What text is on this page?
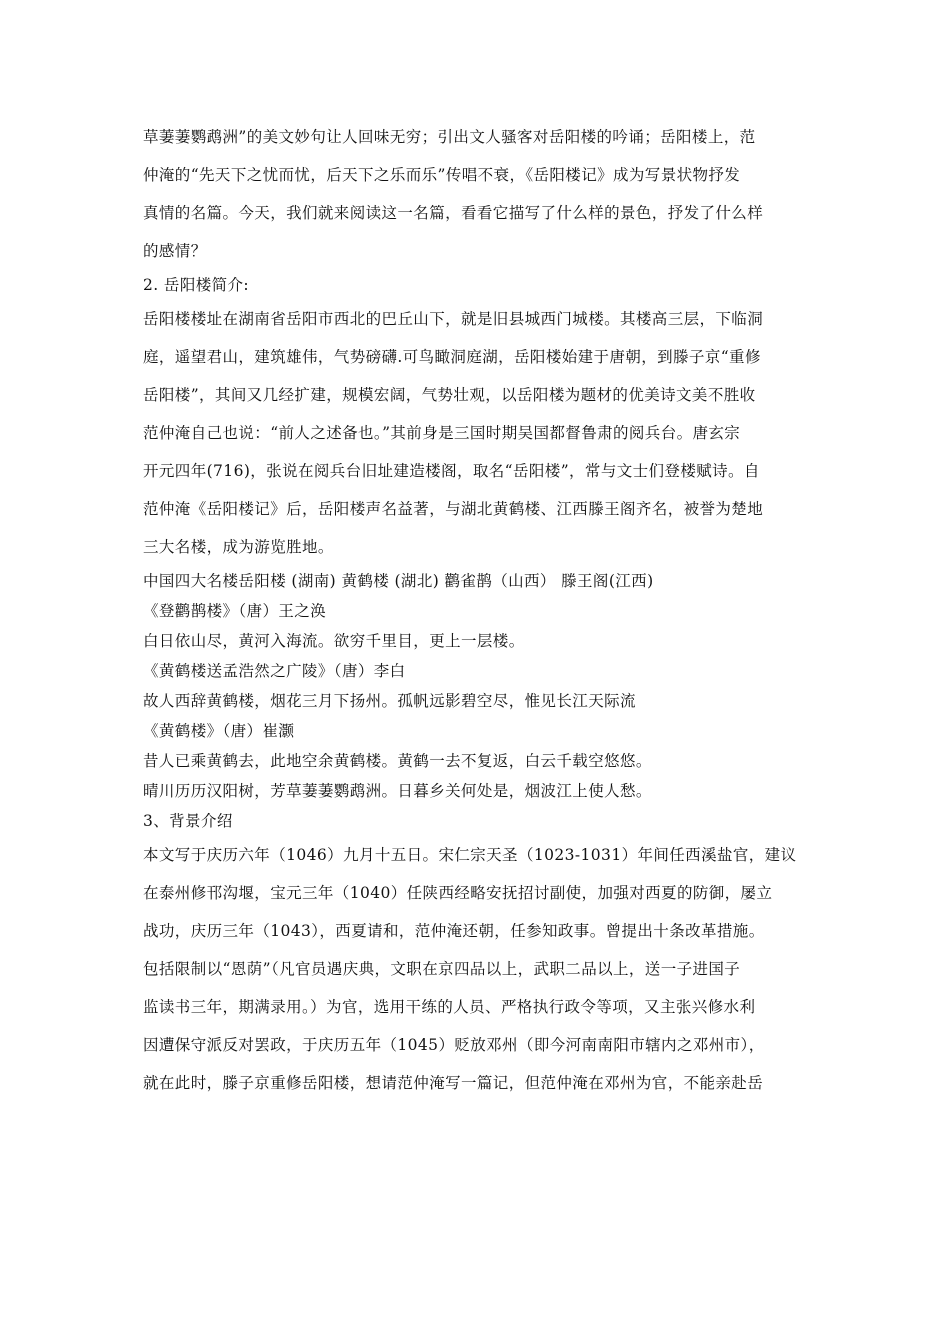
草萋萋鹦鹉洲”的美文妙句让人回味无穷；引出文人骚客对岳阳楼的吟诵；岳阳楼上，范

仲淹的“先天下之忧而忧，后天下之乐而乐”传唱不衰，《岳阳楼记》成为写景状物抒发

真情的名篇。今天，我们就来阅读这一名篇，看看它描写了什么样的景色，抒发了什么样

的感情？

2. 岳阳楼简介:

岳阳楼楼址在湖南省岳阳市西北的巴丘山下，就是旧县城西门城楼。其楼高三层，下临洞

庭，遥望君山，建筑雄伟，气势磅礴.可鸟瞰洞庭湖，岳阳楼始建于唐朝，到滕子京“重修

岳阳楼”，其间又几经扩建，规模宏阔，气势壮观，以岳阳楼为题材的优美诗文美不胜收

范仲淹自己也说：“前人之述备也。”其前身是三国时期吴国都督鲁肃的阅兵台。唐玄宗

开元四年(716)，张说在阅兵台旧址建造楼阁，取名“岳阳楼”，常与文士们登楼赋诗。自

范仲淹《岳阳楼记》后，岳阳楼声名益著，与湖北黄鹤楼、江西滕王阁齐名，被誉为楚地

三大名楼，成为游览胜地。

中国四大名楼岳阳楼 (湖南) 黄鹤楼 (湖北) 鹳雀鹊（山西） 滕王阁(江西)

《登鹳鹊楼》（唐）王之涣

白日依山尽，黄河入海流。欲穷千里目，更上一层楼。

《黄鹤楼送孟浩然之广陵》（唐）李白

故人西辞黄鹤楼，烟花三月下扬州。孤帆远影碧空尽，惟见长江天际流

《黄鹤楼》（唐）崔灏

昔人已乘黄鹤去，此地空余黄鹤楼。黄鹤一去不复返，白云千载空悠悠。

晴川历历汉阳树，芳草萋萋鹦鹉洲。日暮乡关何处是，烟波江上使人愁。

3、背景介绍

本文写于庆历六年（1046）九月十五日。宋仁宗天圣（1023-1031）年间任西溪盐官，建议

在泰州修邗沟堰，宝元三年（1040）任陕西经略安抚招讨副使，加强对西夏的防御，屡立

战功，庆历三年（1043），西夏请和，范仲淹还朝，任参知政事。曾提出十条改革措施。

包括限制以“恩荫”（凡官员遇庆典，文职在京四品以上，武职二品以上，送一子进国子

监读书三年，期满录用。）为官，选用干练的人员、严格执行政令等项，又主张兴修水利

因遭保守派反对罢政，于庆历五年（1045）贬放邓州（即今河南南阳市辖内之邓州市），

就在此时，滕子京重修岳阳楼，想请范仲淹写一篇记，但范仲淹在邓州为官，不能亲赴岳
